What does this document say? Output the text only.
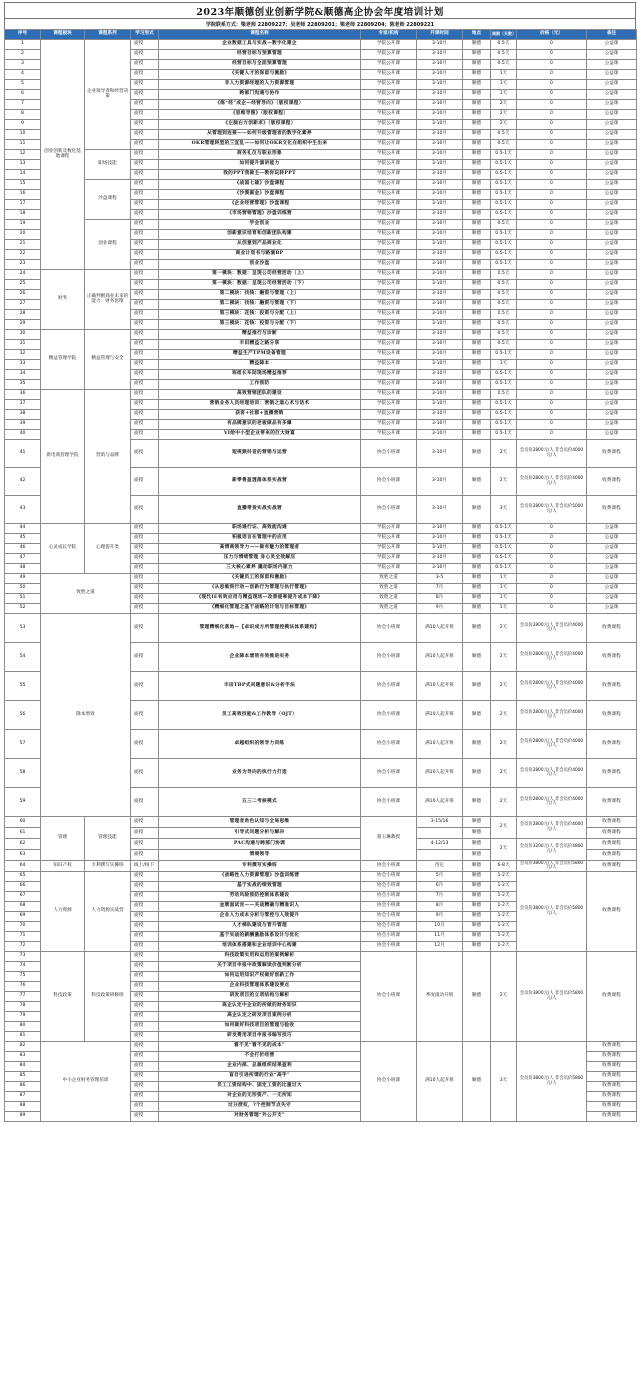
2023年顺德创业创新学院&顺德高企协会年度培训计划
学院联系方式：梁老师 22809227；吴老师 22809201；梁老师 22809204；陈老师 22809221
序号	课程板块	课程系列	学习形式	课程名称	专家/机构	开课时间	地点	周期（天数）	价格（元）	备注
1	创业创新及数化基地课程	企业领导者和经营决策	面授	企业数据工具与实战—数字化建企	学院公开课	3-10月	顺德	0.5天	0	公益课
2			面授	经营目标与预算管理	学院公开课	3-10月	顺德	0.5天	0	公益课
3			面授	经营目标与全面预算管理	学院公开课	3-10月	顺德	0.5天	0	公益课
4			面授	《关键人才的保留与激励》	学院公开课	3-10月	顺德	1天	0	公益课
5			面授	非人力资源经理的人力资源管理	学院公开课	3-10月	顺德	1天	0	公益课
6			面授	跨部门沟通与协作	学院公开课	3-10月	顺德	1天	0	公益课
7			面授	《练“经”成企—经营导向》（版权课程）	学院公开课	3-10月	顺德	2天	0	公益课
8			面授	《思维导图》（版权课程）	学院公开课	3-10月	顺德	2天	0	公益课
9			面授	《左脑右方创新求》（版权课程）	学院公开课	3-10月	顺德	2天	0	公益课
10			面授	从管理到连接——如何升级管理者的数字化素养	学院公开课	3-10月	顺德	0.5天	0	公益课
11			面授	OKR管理转型的三宣乱——如何让OKR文化在组织中生出来	学院公开课	3-10月	顺德	0.5天	0	公益课
12		职场技能	面授	商务礼仪与职业形象	学院公开课	3-10月	顺德	0.5-1天	0	公益课
13			面授	如何提升演讲能力	学院公开课	3-10月	顺德	0.5-1天	0	公益课
14			面授	我的PPT我做主—教你玩转PPT	学院公开课	3-10月	顺德	0.5-1天	0	公益课
15		沙盘课程	面授	《战国七雄》沙盘课程	学院公开课	3-10月	顺德	0.5-1天	0	公益课
16			面授	《沙漠掘金》沙盘课程	学院公开课	3-10月	顺德	0.5-1天	0	公益课
17			面授	《企业经营管理》沙盘课程	学院公开课	3-10月	顺德	0.5-1天	0	公益课
18			面授	《市场营销管理》沙盘训练营	学院公开课	3-10月	顺德	0.5-1天	0	公益课
19		创业课程	面授	学会创业	学院公开课	3-10月	顺德	0.5天	0	公益课
20			面授	创新意识培育和创新团队构建	学院公开课	3-10月	顺德	0.5-1天	0	公益课
21			面授	从创意到产品商业化	学院公开课	3-10月	顺德	0.5-1天	0	公益课
22			面授	商业计划书与路演BP	学院公开课	3-10月	顺德	0.5-1天	0	公益课
23			面授	创业沙盘	学院公开课	3-10月	顺德	0.5-1天	0	公益课
24	财务	正确判断商业未来的能力：财务思维	面授	第一模块：数据：呈现公司经营活动（上）	学院公开课	3-10月	顺德	0.5天	0	公益课
25			面授	第一模块：数据：呈现公司经营活动（下）	学院公开课	3-10月	顺德	0.5天	0	公益课
26			面授	第二模块：找钱：融资与管理（上）	学院公开课	3-10月	顺德	0.5天	0	公益课
27			面授	第二模块：找钱：融资与管理（下）	学院公开课	3-10月	顺德	0.5天	0	公益课
28			面授	第三模块：花钱：投资与分配（上）	学院公开课	3-10月	顺德	0.5天	0	公益课
29			面授	第三模块：花钱：投资与分配（下）	学院公开课	3-10月	顺德	0.5天	0	公益课
30	精益管理学院	精益管理与安全	面授	精益推行与诊断	学院公开课	3-10月	顺德	0.5天	0	公益课
31			面授	丰田精益之路分享	学院公开课	3-10月	顺德	0.5天	0	公益课
32			面授	精益生产TPM设备管理	学院公开课	3-10月	顺德	0.5-1天	0	公益课
33			面授	精益降本	学院公开课	3-10月	顺德	1天	0	公益课
34			面授	班组长车间现场精益推荐	学院公开课	3-10月	顺德	0.5-1天	0	公益课
35			面授	工作预防	学院公开课	3-10月	顺德	0.5-1天	0	公益课
36	新电商管理学院	营销与品牌	面授	高效营销团队的建设	学院公开课	3-10月	顺德	0.5天	0	公益课
37			面授	营销业务人员经理培训：营销之道心术与话术	学院公开课	3-10月	顺德	0.5-1天	0	公益课
38			面授	获客+社群+直播营销	学院公开课	3-10月	顺德	0.5-1天	0	公益课
39			面授	有品牌意识的老板做品有多爆	学院公开课	3-10月	顺德	0.5-1天	0	公益课
40			面授	VI给中小型企业带来的巨大财富	学院公开课	3-10月	顺德	0.5-1天	0	公益课
41			面授	短视频抖音的营销与运营	协会小班课	3-10月	顺德	2天	会员价2800元/人 非会员价4000元/人	收费课程
42			面授	新零售盈透落体系实战营	协会小班课	3-10月	顺德	2天	会员价2800元/人 非会员价4000元/人	收费课程
43			面授	直播带货实战实战营	协会小班课	3-10月	顺德	3天	会员价2800元/人 非会员价5000元/人	收费课程
44	心灵成长学院	心理提升类	面授	职场通行证、高效能沟通	学院公开课	3-10月	顺德	0.5-1天	0	公益课
45			面授	积极语言在管理中的应用	学院公开课	3-10月	顺德	0.5-1天	0	公益课
46			面授	高情商领导力——做有魅力的管理者	学院公开课	3-10月	顺德	0.5-1天	0	公益课
47			面授	压力与情绪管理 身心灵全效解压	学院公开课	3-10月	顺德	0.5-1天	0	公益课
48			面授	三大核心素养 撬动职场内驱力	学院公开课	3-10月	顺德	0.5-1天	0	公益课
49	致胜之道		面授	《关键员工的保留和激励》	致胜之道	3-5	顺德	1天	0	公益课
50			面授	《从思维到行动—创新行为管理与执行管理》	致胜之道	7月	顺德	1天	0	公益课
51			面授	《现代IE有效应用与精益现场—改善提率提升成本下降》	致胜之道	8月	顺德	1天	0	公益课
52			面授	《精细化管理之基于战略的计划与目标管理》	致胜之道	9月	顺德	1天	0	公益课
53	降本增效		面授	管理精细化落地—【卓识成方所管理控模法体系建构】	协会小班课	满10人起开班	顺德	2天	会员价2800元/人 非会员价4000元/人	收费课程
54			面授	企业降本增效有效推进实务	协会小班课	满10人起开班	顺德	2天	会员价2800元/人 非会员价4000元/人	收费课程
55			面授	丰田TBP式问题意识&分析手法	协会小班课	满10人起开班	顺德	2天	会员价2800元/人 非会员价4000元/人	收费课程
56			面授	员工高效技能&工作教导（OJT）	协会小班课	满10人起开班	顺德	2天	会员价2800元/人 非会员价4000元/人	收费课程
57			面授	卓越组织的领导力训练	协会小班课	满10人起开班	顺德	2天	会员价2800元/人 非会员价4000元/人	收费课程
58			面授	业务为导向的执行力打造	协会小班课	满10人起开班	顺德	2天	会员价2800元/人 非会员价4000元/人	收费课程
59			面授	五三二考核模式	协会小班课	满10人起开班	顺德	2天	会员价2800元/人 非会员价4000元/人	收费课程
60	管理	管理技能	面授	管理者角色认知与全局思维	蔡玉琳教授	3-15/16	顺德	2天	会员价2800元/人 非会员价4000元/人	收费课程
61			面授	引导式问题分析与解决			顺德			收费课程
62			面授	PAC沟通与跨部门协调		4-12/13	顺德	2天	会员价3200元/人 非会员价4800元/人	收费课程
63			面授	情境领导			顺德			收费课程
64	知识产权	专利撰写实操班	线上/线下	专利撰写实操班	协会小班课	待定	顺德	6-8天	会员价3800元/人 非会员价5800元/人	收费课程
65	人力资源	人力资源实战营	面授	《战略性人力资源管理》沙盘训练营	协会小班课	5月	顺德	1-2天	会员价3800元/人 非会员价5800元/人	收费课程
66			面授	基于实战的绩效管理	协会小班课	6月	顺德	1-2天		
67			面授	劳动风险预防控制体系建设	协会小班课	7月	顺德	1-2天		
68			面授	金牌面试官——关战精确与精准识人	协会小班课	8月	顺德	1-2天		
69			面授	企业人力成本分析与管控与人效提升	协会小班课	9月	顺德	1-2天		
70			面授	人才梯队建设与晋升管理	协会小班课	10月	顺德	1-2天		
71			面授	基于实战的薪酬激励体系设计与优化	协会小班课	11月	顺德	1-2天		
72			面授	培训体系搭建和企业培训中心构建	协会小班课	12月	顺德	1-2天		
73	科技政策	科技政策研修班	面授	科技政策实用和运用的案例解析	协会小班课	季度滚动开班	顺德	2天	会员价3800元/人 非会员价5800元/人	收费课程
74			面授	关于项目申报中政策解读价值判断分析						
75			面授	如何运用知识产权做好创新工作						
76			面授	企业科技管理体系建设要点						
77			面授	研发项目的立项结构与解析						
78			面授	高企认定中企业的所做的财务知识						
79			面授	高企认定之研发项目案例分析						
80			面授	如何做好科技项目的管理与验收						
81			面授	研发费用项目申报书编写技巧						
82	中小企业财务管理培训		面授	看不见“看不见的成本”	协会小班课	满10人起开班	顺德	3天	会员价3800元/人 非会员价5800元/人	收费课程
83			面授	不会打折经营						收费课程
84			面授	企业内部、总裁组织结果盈利						收费课程
85			面授	盲目引进所谓的行业“高手”						收费课程
86			面授	员工工资结构中、固定工资的比重过大						收费课程
87			面授	对企业的无形资产、一无所知						收费课程
88			面授	过分授权，?个控制节点失守						收费课程
89			面授	对财务管理“外公开支”						收费课程
